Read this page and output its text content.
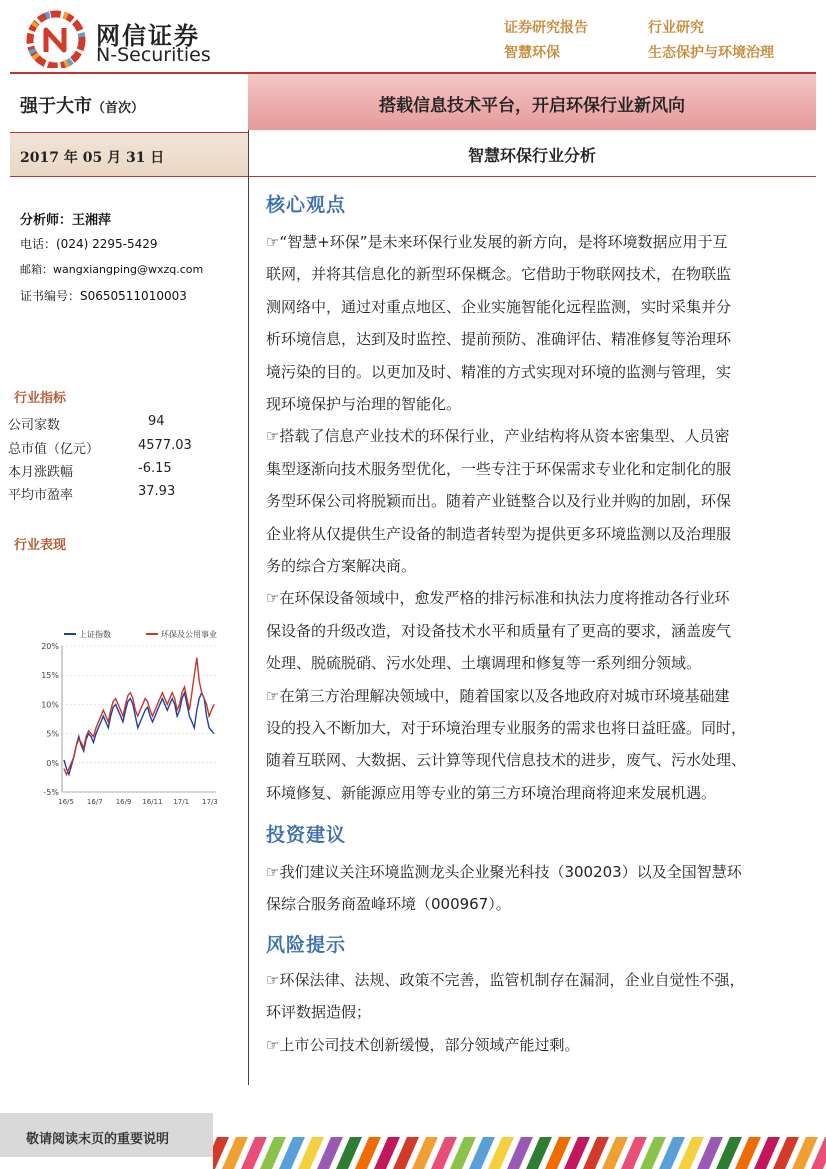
网信证券
N-Securities
证券研究报告	行业研究
智慧环保	生态保护与环境治理
强于大市（首次）	搭载信息技术平台，开启环保行业新风向
2017 年 05 月 31 日	智慧环保行业分析
分析师：王湘萍
电话：(024) 2295-5429
邮箱：wangxiangping@wxzq.com
证书编号：S0650511010003
行业指标
公司家数	94
总市值（亿元）	4577.03
本月涨跌幅	-6.15
平均市盈率	37.93
行业表现
20%
15%
10%
5%
0%
-5%
16/5 16/7 16/9 16/11 17/1 17/3
上证指数	环保及公用事业
核心观点
☞“智慧+环保”是未来环保行业发展的新方向，是将环境数据应用于互
联网，并将其信息化的新型环保概念。它借助于物联网技术，在物联监
测网络中，通过对重点地区、企业实施智能化远程监测，实时采集并分
析环境信息，达到及时监控、提前预防、准确评估、精准修复等治理环
境污染的目的。以更加及时、精准的方式实现对环境的监测与管理，实
现环境保护与治理的智能化。
☞搭载了信息产业技术的环保行业，产业结构将从资本密集型、人员密
集型逐渐向技术服务型优化，一些专注于环保需求专业化和定制化的服
务型环保公司将脱颖而出。随着产业链整合以及行业并购的加剧，环保
企业将从仅提供生产设备的制造者转型为提供更多环境监测以及治理服
务的综合方案解决商。
☞在环保设备领域中，愈发严格的排污标准和执法力度将推动各行业环
保设备的升级改造，对设备技术水平和质量有了更高的要求，涵盖废气
处理、脱硫脱硝、污水处理、土壤调理和修复等一系列细分领域。
☞在第三方治理解决领域中，随着国家以及各地政府对城市环境基础建
设的投入不断加大，对于环境治理专业服务的需求也将日益旺盛。同时，
随着互联网、大数据、云计算等现代信息技术的进步，废气、污水处理、
环境修复、新能源应用等专业的第三方环境治理商将迎来发展机遇。
投资建议
☞我们建议关注环境监测龙头企业聚光科技（300203）以及全国智慧环
保综合服务商盈峰环境（000967）。
风险提示
☞环保法律、法规、政策不完善，监管机制存在漏洞，企业自觉性不强，
环评数据造假；
☞上市公司技术创新缓慢，部分领域产能过剩。
敬请阅读末页的重要说明
